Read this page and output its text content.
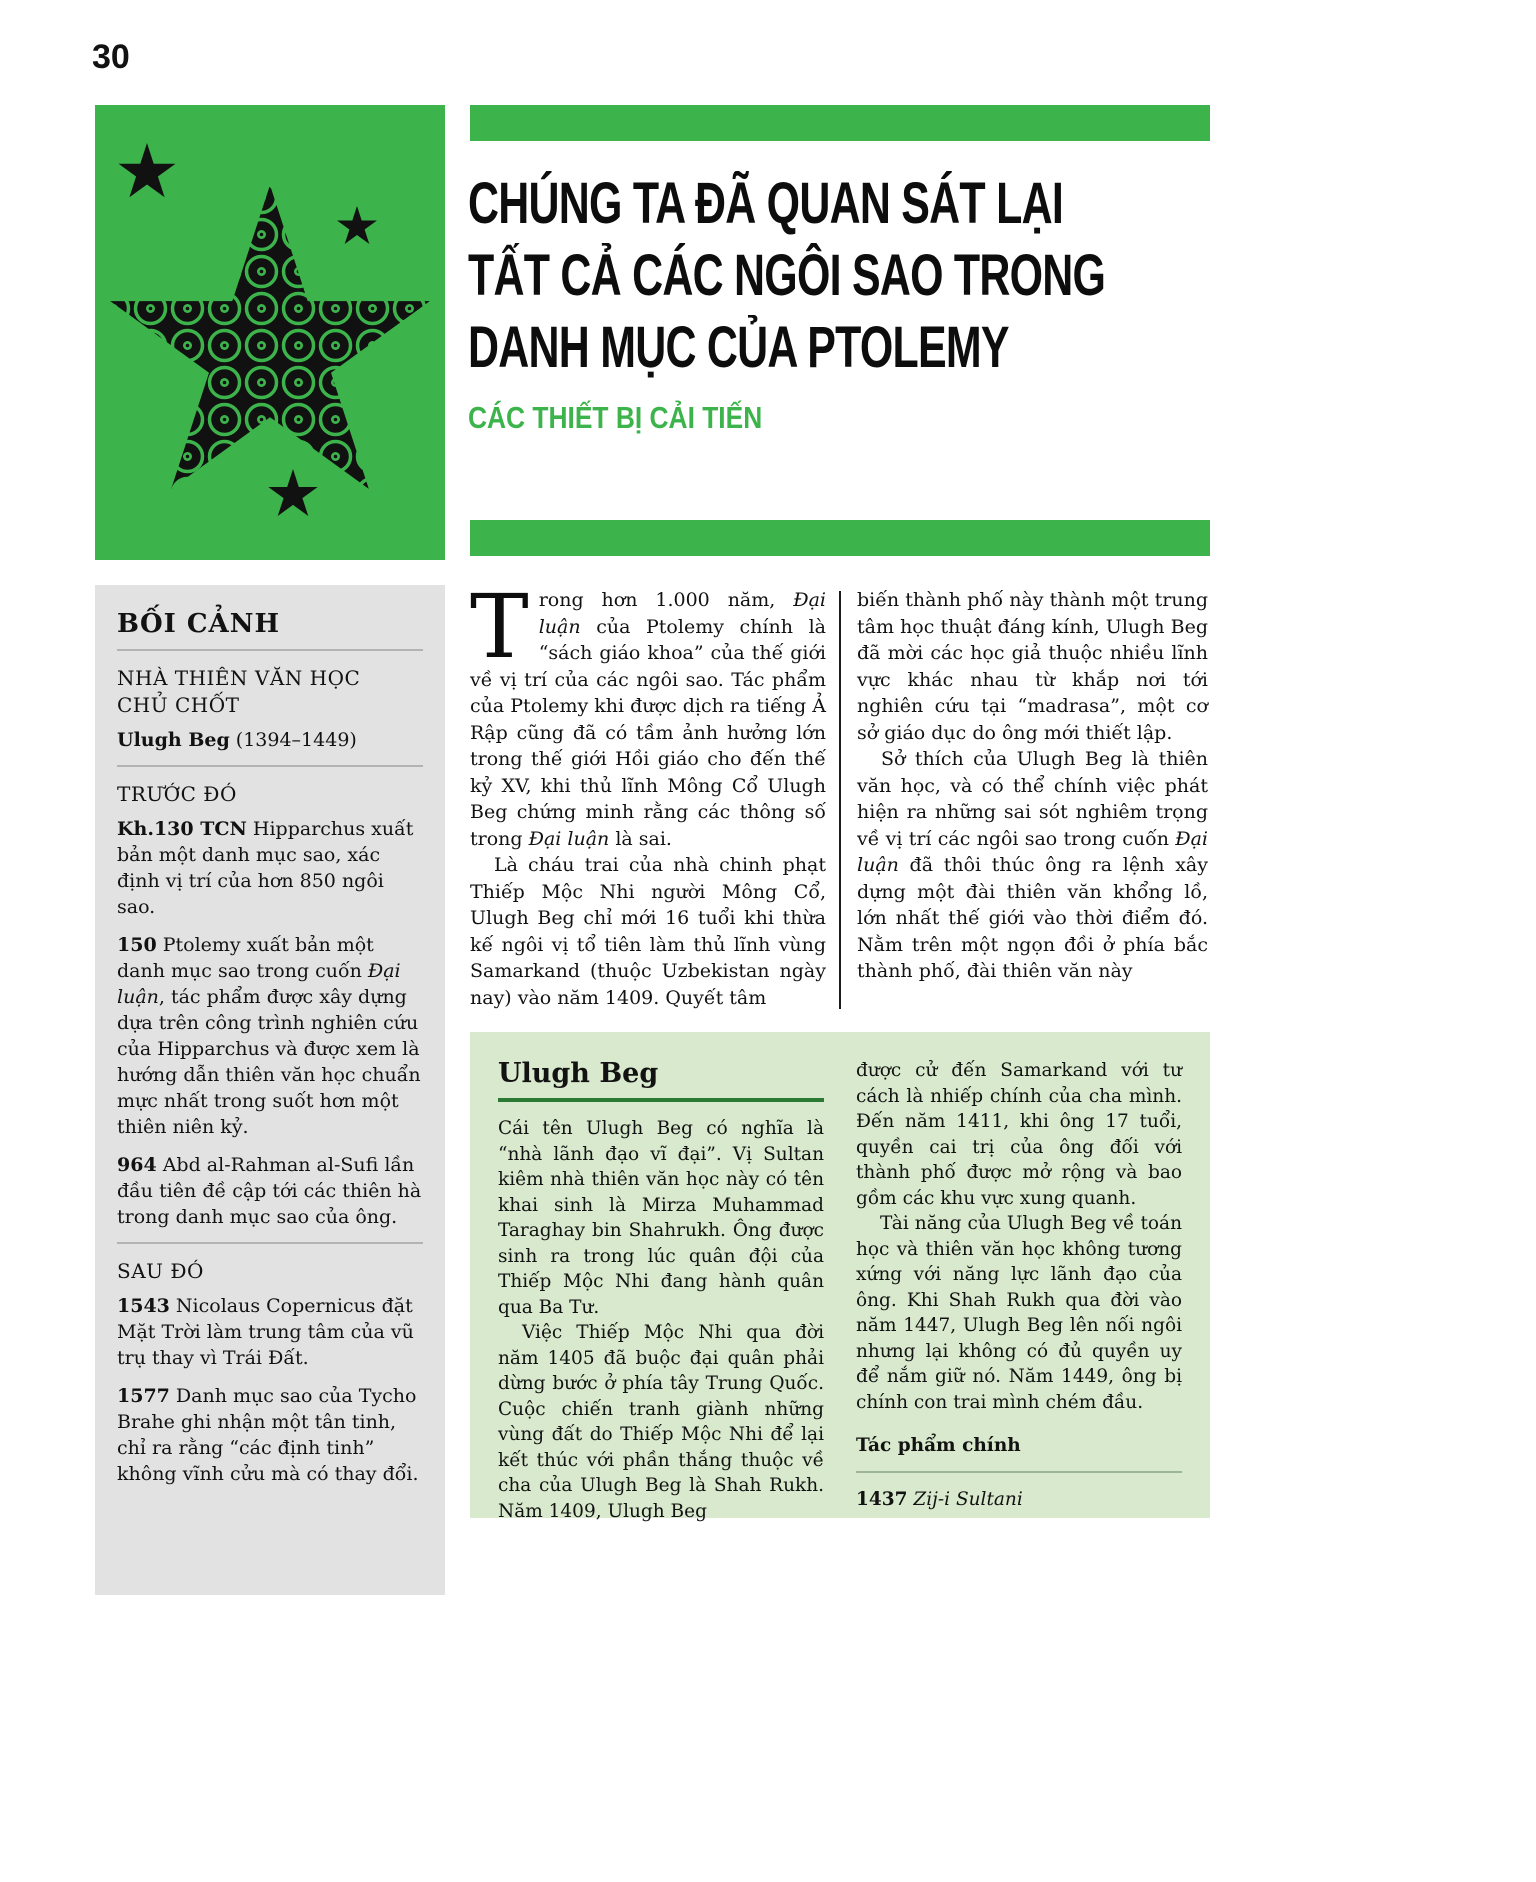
30
CHÚNG TA ĐÃ QUAN SÁT LẠI
TẤT CẢ CÁC NGÔI SAO TRONG
DANH MỤC CỦA PTOLEMY
CÁC THIẾT BỊ CẢI TIẾN
BỐI CẢNH
NHÀ THIÊN VĂN HỌC CHỦ CHỐT
Ulugh Beg (1394–1449)
TRƯỚC ĐÓ

Kh.130 TCN Hipparchus xuất bản một danh mục sao, xác định vị trí của hơn 850 ngôi sao.

150 Ptolemy xuất bản một danh mục sao trong cuốn Đại luận, tác phẩm được xây dựng dựa trên công trình nghiên cứu của Hipparchus và được xem là hướng dẫn thiên văn học chuẩn mực nhất trong suốt hơn một thiên niên kỷ.

964 Abd al-Rahman al-Sufi lần đầu tiên đề cập tới các thiên hà trong danh mục sao của ông.

SAU ĐÓ

1543 Nicolaus Copernicus đặt Mặt Trời làm trung tâm của vũ trụ thay vì Trái Đất.

1577 Danh mục sao của Tycho Brahe ghi nhận một tân tinh, chỉ ra rằng “các định tinh” không vĩnh cửu mà có thay đổi.

Trong hơn 1.000 năm, Đại luận của Ptolemy chính là “sách giáo khoa” của thế giới về vị trí của các ngôi sao. Tác phẩm của Ptolemy khi được dịch ra tiếng Ả Rập cũng đã có tầm ảnh hưởng lớn trong thế giới Hồi giáo cho đến thế kỷ XV, khi thủ lĩnh Mông Cổ Ulugh Beg chứng minh rằng các thông số trong Đại luận là sai.

Là cháu trai của nhà chinh phạt Thiếp Mộc Nhi người Mông Cổ, Ulugh Beg chỉ mới 16 tuổi khi thừa kế ngôi vị tổ tiên làm thủ lĩnh vùng Samarkand (thuộc Uzbekistan ngày nay) vào năm 1409. Quyết tâm

biến thành phố này thành một trung tâm học thuật đáng kính, Ulugh Beg đã mời các học giả thuộc nhiều lĩnh vực khác nhau từ khắp nơi tới nghiên cứu tại “madrasa”, một cơ sở giáo dục do ông mới thiết lập.

Sở thích của Ulugh Beg là thiên văn học, và có thể chính việc phát hiện ra những sai sót nghiêm trọng về vị trí các ngôi sao trong cuốn Đại luận đã thôi thúc ông ra lệnh xây dựng một đài thiên văn khổng lồ, lớn nhất thế giới vào thời điểm đó. Nằm trên một ngọn đồi ở phía bắc thành phố, đài thiên văn này

Ulugh Beg

Cái tên Ulugh Beg có nghĩa là “nhà lãnh đạo vĩ đại”. Vị Sultan kiêm nhà thiên văn học này có tên khai sinh là Mirza Muhammad Taraghay bin Shahrukh. Ông được sinh ra trong lúc quân đội của Thiếp Mộc Nhi đang hành quân qua Ba Tư.

Việc Thiếp Mộc Nhi qua đời năm 1405 đã buộc đại quân phải dừng bước ở phía tây Trung Quốc. Cuộc chiến tranh giành những vùng đất do Thiếp Mộc Nhi để lại kết thúc với phần thắng thuộc về cha của Ulugh Beg là Shah Rukh. Năm 1409, Ulugh Beg

được cử đến Samarkand với tư cách là nhiếp chính của cha mình. Đến năm 1411, khi ông 17 tuổi, quyền cai trị của ông đối với thành phố được mở rộng và bao gồm các khu vực xung quanh.

Tài năng của Ulugh Beg về toán học và thiên văn học không tương xứng với năng lực lãnh đạo của ông. Khi Shah Rukh qua đời vào năm 1447, Ulugh Beg lên nối ngôi nhưng lại không có đủ quyền uy để nắm giữ nó. Năm 1449, ông bị chính con trai mình chém đầu.

Tác phẩm chính

1437 Zij-i Sultani
